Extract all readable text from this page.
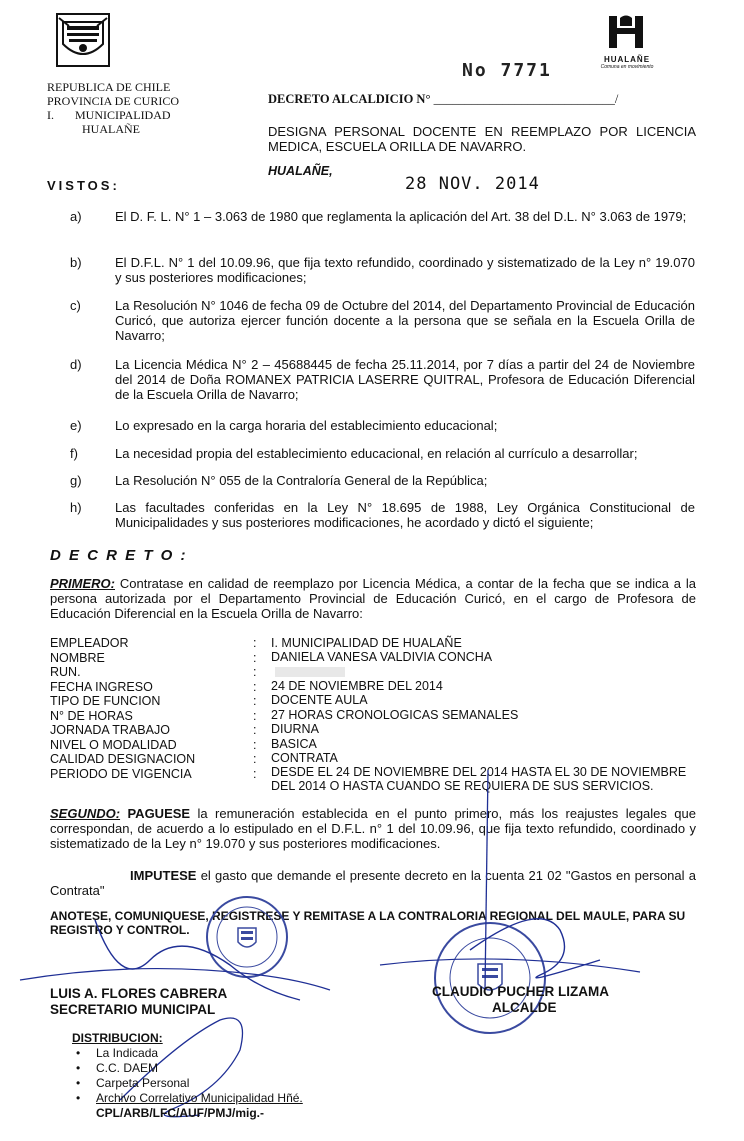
REPUBLICA DE CHILE
PROVINCIA DE CURICO
I.       MUNICIPALIDAD
HUALAÑE
HUALAÑE
Comuna en movimiento
No 7771
DECRETO ALCALDICIO N° _____________________________/
DESIGNA PERSONAL DOCENTE EN REEMPLAZO POR LICENCIA MEDICA, ESCUELA ORILLA DE NAVARRO.
HUALAÑE,
28 NOV. 2014
VISTOS:
a)	El D. F. L. N° 1 – 3.063 de 1980 que reglamenta la aplicación del Art. 38 del D.L. N° 3.063 de 1979;
b)	El D.F.L. N° 1 del 10.09.96, que fija texto refundido, coordinado y sistematizado de la Ley n° 19.070 y sus posteriores modificaciones;
c)	La Resolución N° 1046 de fecha 09 de Octubre del 2014, del Departamento Provincial de Educación Curicó, que autoriza ejercer función docente a la persona que se señala en la Escuela Orilla de Navarro;
d)	La Licencia Médica N° 2 – 45688445 de fecha 25.11.2014, por 7 días a partir del 24 de Noviembre del 2014 de Doña ROMANEX PATRICIA LASERRE QUITRAL, Profesora de Educación Diferencial de la Escuela Orilla de Navarro;
e)	Lo expresado en la carga horaria del establecimiento educacional;
f)	La necesidad propia del establecimiento educacional, en relación al currículo a desarrollar;
g)	La Resolución N° 055 de la Contraloría General de la República;
h)	Las facultades conferidas en la Ley N° 18.695 de 1988, Ley Orgánica Constitucional de Municipalidades y sus posteriores modificaciones, he acordado y dictó el siguiente;
D E C R E T O :
PRIMERO: Contratase en calidad de reemplazo por Licencia Médica, a contar de la fecha que se indica a la persona autorizada por el Departamento Provincial de Educación Curicó, en el cargo de Profesora de Educación Diferencial en la Escuela Orilla de Navarro:
EMPLEADOR	: I. MUNICIPALIDAD DE HUALAÑE
NOMBRE	: DANIELA VANESA VALDIVIA CONCHA
RUN.	:
FECHA INGRESO	: 24 DE NOVIEMBRE DEL 2014
TIPO DE FUNCION	: DOCENTE AULA
N° DE HORAS	: 27 HORAS CRONOLOGICAS SEMANALES
JORNADA TRABAJO	: DIURNA
NIVEL O MODALIDAD	: BASICA
CALIDAD DESIGNACION	: CONTRATA
PERIODO DE VIGENCIA	: DESDE EL 24 DE NOVIEMBRE DEL 2014 HASTA EL 30 DE NOVIEMBRE DEL 2014 O HASTA CUANDO SE REQUIERA DE SUS SERVICIOS.
SEGUNDO: PAGUESE la remuneración establecida en el punto primero, más los reajustes legales que correspondan, de acuerdo a lo estipulado en el D.F.L. n° 1 del 10.09.96, que fija texto refundido, coordinado y sistematizado de la Ley n° 19.070 y sus posteriores modificaciones.
IMPUTESE el gasto que demande el presente decreto en la cuenta 21 02 "Gastos en personal a Contrata"
ANOTESE, COMUNIQUESE, REGISTRESE Y REMITASE A LA CONTRALORIA REGIONAL DEL MAULE, PARA SU REGISTRO Y CONTROL.
LUIS A. FLORES CABRERA
SECRETARIO MUNICIPAL
CLAUDIO PUCHER LIZAMA
ALCALDE
DISTRIBUCION:
• La Indicada
• C.C. DAEM
• Carpeta Personal
• Archivo Correlativo Municipalidad Hñé.
CPL/ARB/LFC/AUF/PMJ/mig.-
